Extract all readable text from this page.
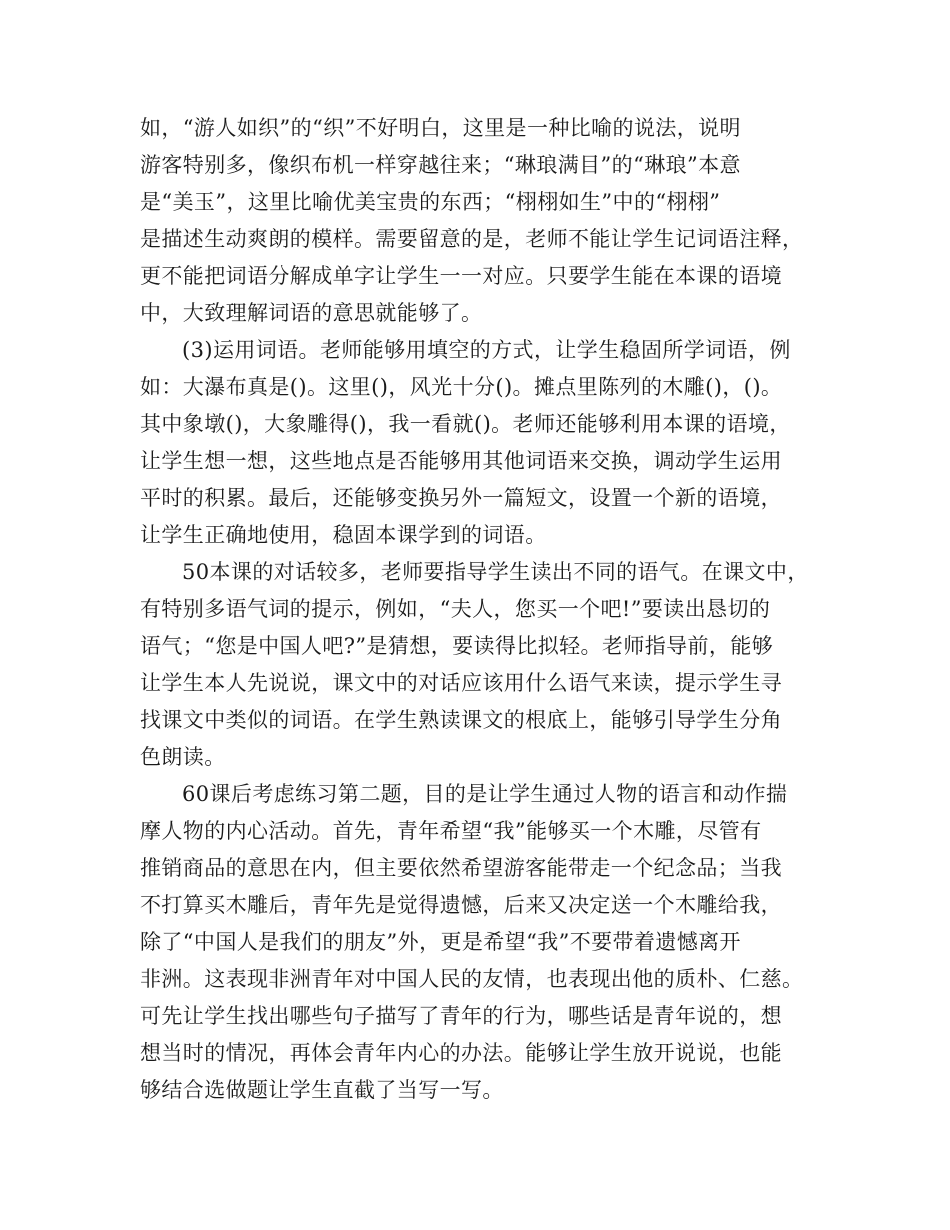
如，“游人如织”的“织”不好明白，这里是一种比喻的说法，说明

游客特别多，像织布机一样穿越往来；“琳琅满目”的“琳琅”本意

是“美玉”，这里比喻优美宝贵的东西；“栩栩如生”中的“栩栩”

是描述生动爽朗的模样。需要留意的是，老师不能让学生记词语注释，

更不能把词语分解成单字让学生一一对应。只要学生能在本课的语境

中，大致理解词语的意思就能够了。

(3)运用词语。老师能够用填空的方式，让学生稳固所学词语，例

如：大瀑布真是()。这里()，风光十分()。摊点里陈列的木雕()，()。

其中象墩()，大象雕得()，我一看就()。老师还能够利用本课的语境，

让学生想一想，这些地点是否能够用其他词语来交换，调动学生运用

平时的积累。最后，还能够变换另外一篇短文，设置一个新的语境，

让学生正确地使用，稳固本课学到的词语。

50本课的对话较多，老师要指导学生读出不同的语气。在课文中，

有特别多语气词的提示，例如，“夫人，您买一个吧!”要读出恳切的

语气；“您是中国人吧?”是猜想，要读得比拟轻。老师指导前，能够

让学生本人先说说，课文中的对话应该用什么语气来读，提示学生寻

找课文中类似的词语。在学生熟读课文的根底上，能够引导学生分角

色朗读。

60课后考虑练习第二题，目的是让学生通过人物的语言和动作揣

摩人物的内心活动。首先，青年希望“我”能够买一个木雕，尽管有

推销商品的意思在内，但主要依然希望游客能带走一个纪念品；当我

不打算买木雕后，青年先是觉得遗憾，后来又决定送一个木雕给我，

除了“中国人是我们的朋友”外，更是希望“我”不要带着遗憾离开

非洲。这表现非洲青年对中国人民的友情，也表现出他的质朴、仁慈。

可先让学生找出哪些句子描写了青年的行为，哪些话是青年说的，想

想当时的情况，再体会青年内心的办法。能够让学生放开说说，也能

够结合选做题让学生直截了当写一写。
